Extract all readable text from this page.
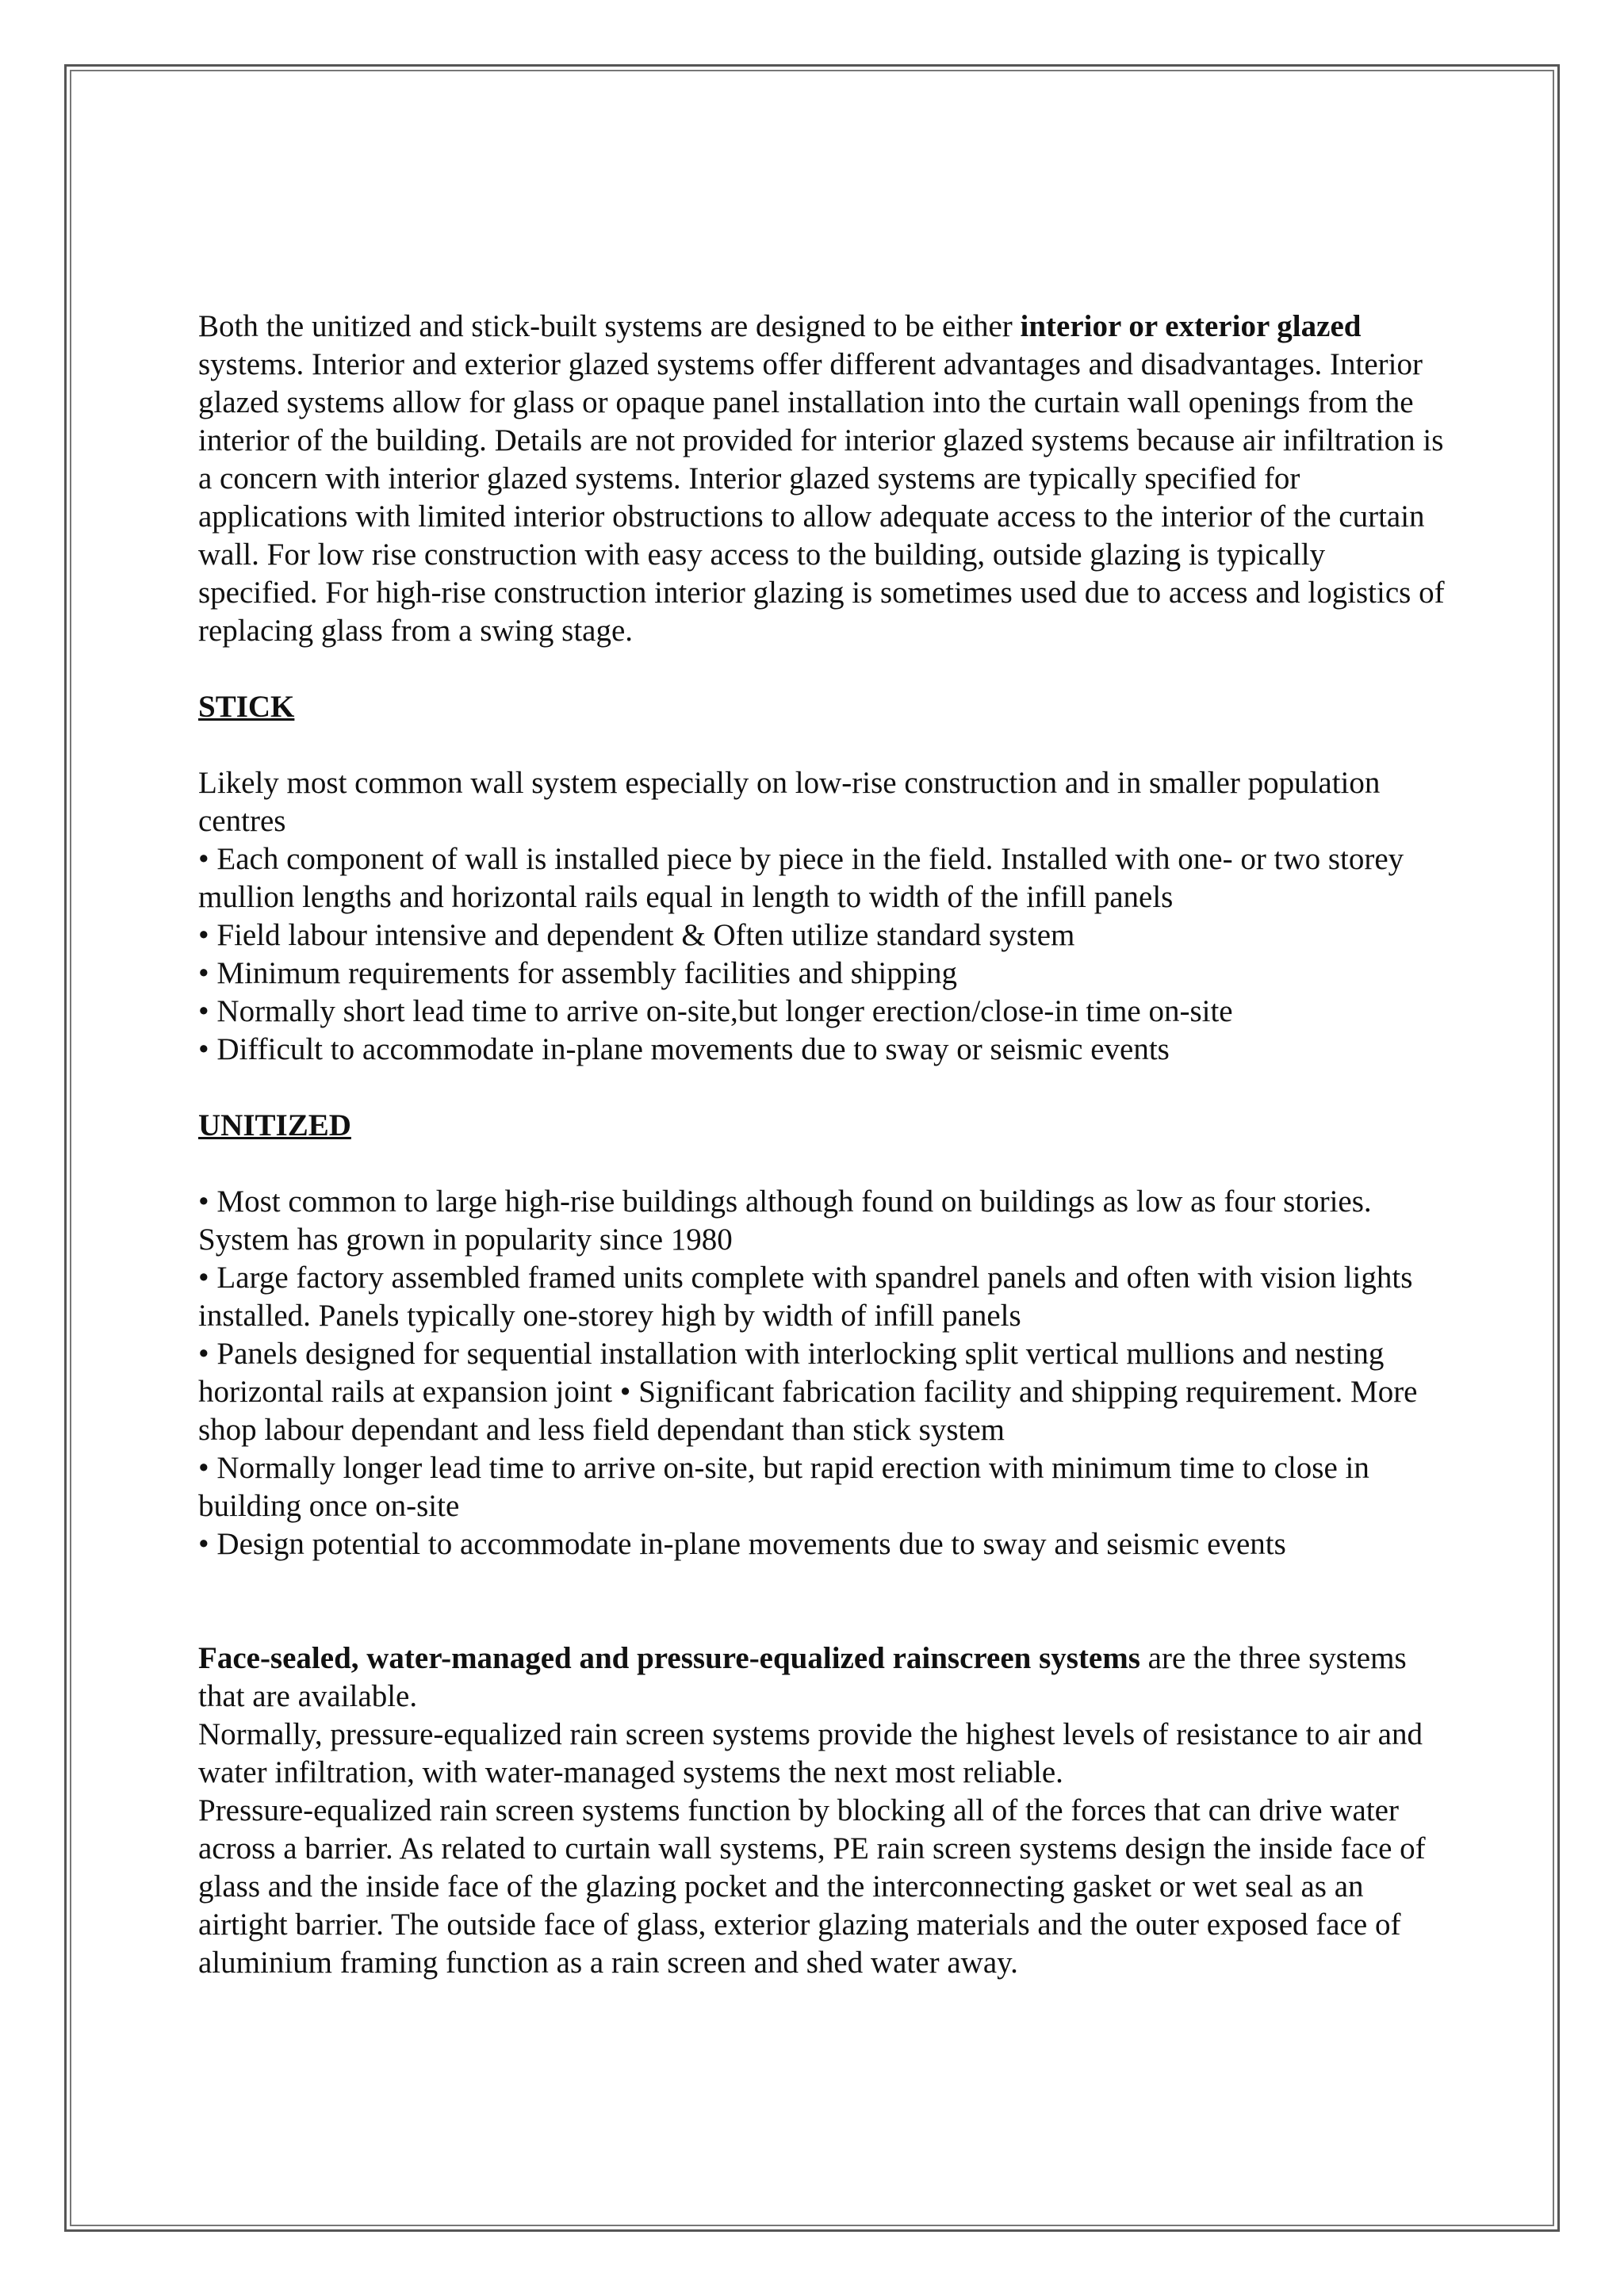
Both the unitized and stick-built systems are designed to be either interior or exterior glazed systems. Interior and exterior glazed systems offer different advantages and disadvantages. Interior glazed systems allow for glass or opaque panel installation into the curtain wall openings from the interior of the building. Details are not provided for interior glazed systems because air infiltration is a concern with interior glazed systems. Interior glazed systems are typically specified for applications with limited interior obstructions to allow adequate access to the interior of the curtain wall. For low rise construction with easy access to the building, outside glazing is typically specified. For high-rise construction interior glazing is sometimes used due to access and logistics of replacing glass from a swing stage.

STICK

Likely most common wall system especially on low-rise construction and in smaller population centres

• Each component of wall is installed piece by piece in the field. Installed with one- or two storey mullion lengths and horizontal rails equal in length to width of the infill panels

• Field labour intensive and dependent & Often utilize standard system

• Minimum requirements for assembly facilities and shipping

• Normally short lead time to arrive on-site,but longer erection/close-in time on-site

• Difficult to accommodate in-plane movements due to sway or seismic events

UNITIZED

• Most common to large high-rise buildings although found on buildings as low as four stories. System has grown in popularity since 1980

• Large factory assembled framed units complete with spandrel panels and often with vision lights installed. Panels typically one-storey high by width of infill panels

• Panels designed for sequential installation with interlocking split vertical mullions and nesting horizontal rails at expansion joint • Significant fabrication facility and shipping requirement. More shop labour dependant and less field dependant than stick system

• Normally longer lead time to arrive on-site, but rapid erection with minimum time to close in building once on-site

• Design potential to accommodate in-plane movements due to sway and seismic events

Face-sealed, water-managed and pressure-equalized rainscreen systems are the three systems that are available.

Normally, pressure-equalized rain screen systems provide the highest levels of resistance to air and water infiltration, with water-managed systems the next most reliable.

Pressure-equalized rain screen systems function by blocking all of the forces that can drive water across a barrier. As related to curtain wall systems, PE rain screen systems design the inside face of glass and the inside face of the glazing pocket and the interconnecting gasket or wet seal as an airtight barrier. The outside face of glass, exterior glazing materials and the outer exposed face of aluminium framing function as a rain screen and shed water away.
